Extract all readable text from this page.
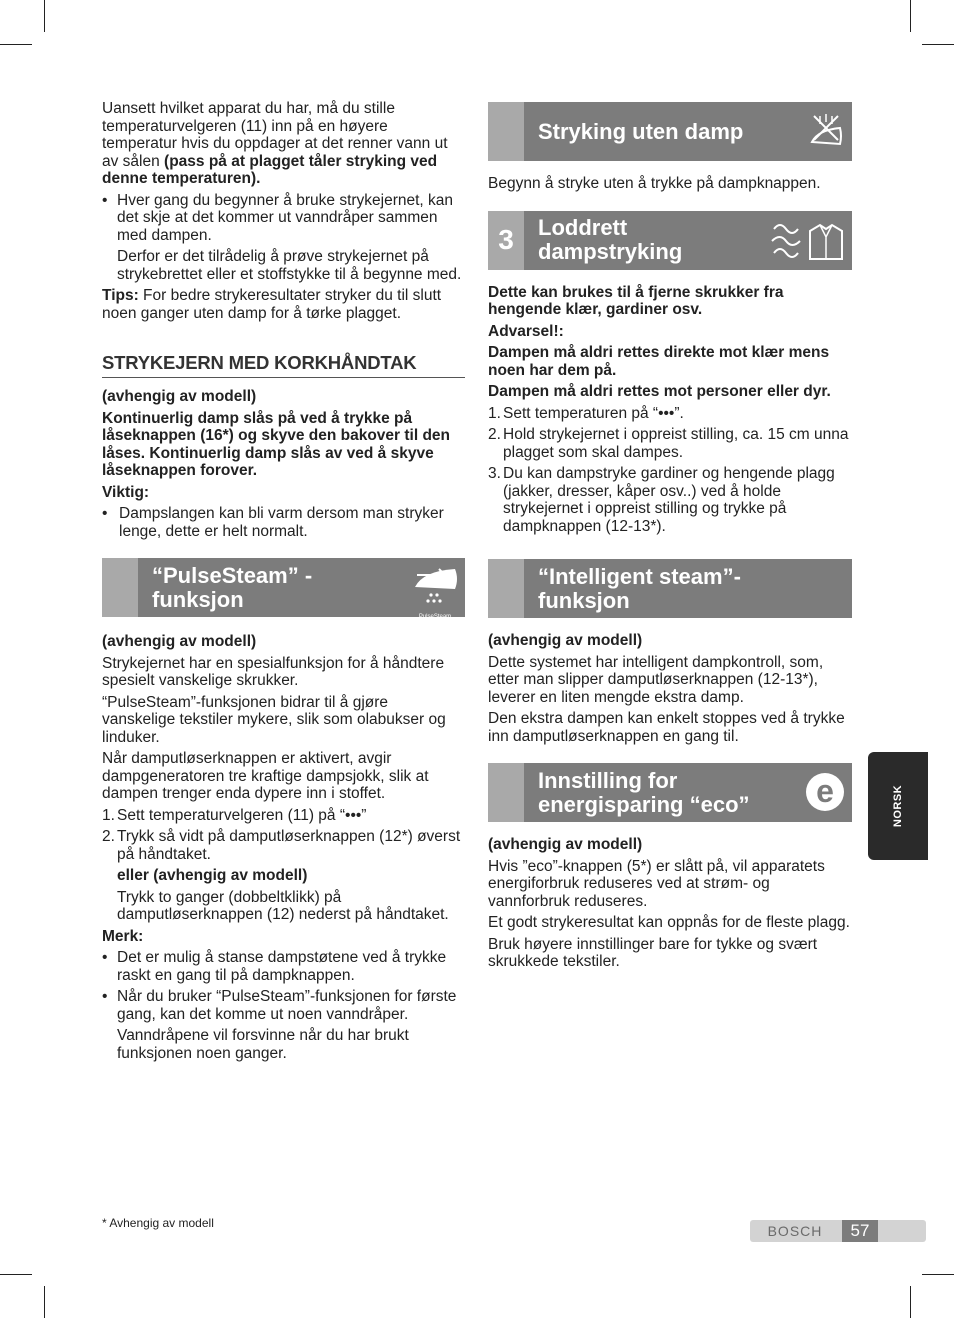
Uansett hvilket apparat du har, må du stille temperaturvelgeren (11) inn på en høyere temperatur hvis du oppdager at det renner vann ut av sålen (pass på at plagget tåler stryking ved denne temperaturen).

• Hver gang du begynner å bruke strykejernet, kan det skje at det kommer ut vanndråper sammen med dampen.

Derfor er det tilrådelig å prøve strykejernet på strykebrettet eller et stoffstykke til å begynne med.

Tips: For bedre strykeresultater stryker du til slutt noen ganger uten damp for å tørke plagget.

STRYKEJERN MED KORKHÅNDTAK

(avhengig av modell)

Kontinuerlig damp slås på ved å trykke på låseknappen (16*) og skyve den bakover til den låses. Kontinuerlig damp slås av ved å skyve låseknappen forover.

Viktig:

• Dampslangen kan bli varm dersom man stryker lenge, dette er helt normalt.

“PulseSteam” -funksjon
PulseSteam

(avhengig av modell)

Strykejernet har en spesialfunksjon for å håndtere spesielt vanskelige skrukker.

“PulseSteam”-funksjonen bidrar til å gjøre vanskelige tekstiler mykere, slik som olabukser og linduker.

Når damputløserknappen er aktivert, avgir dampgeneratoren tre kraftige dampsjokk, slik at dampen trenger enda dypere inn i stoffet.

1. Sett temperaturvelgeren (11) på “•••”

2. Trykk så vidt på damputløserknappen (12*) øverst på håndtaket.

eller (avhengig av modell)

Trykk to ganger (dobbeltklikk) på damputløserknappen (12) nederst på håndtaket.

Merk:

• Det er mulig å stanse dampstøtene ved å trykke raskt en gang til på dampknappen.

• Når du bruker “PulseSteam”-funksjonen for første gang, kan det komme ut noen vanndråper.

Vanndråpene vil forsvinne når du har brukt funksjonen noen ganger.

Stryking uten damp

Begynn å stryke uten å trykke på dampknappen.

3	Loddrett dampstryking

Dette kan brukes til å fjerne skrukker fra hengende klær, gardiner osv.

Advarsel!:

Dampen må aldri rettes direkte mot klær mens noen har dem på.

Dampen må aldri rettes mot personer eller dyr.

1. Sett temperaturen på “•••”.

2. Hold strykejernet i oppreist stilling, ca. 15 cm unna plagget som skal dampes.

3. Du kan dampstryke gardiner og hengende plagg (jakker, dresser, kåper osv..) ved å holde strykejernet i oppreist stilling og trykke på dampknappen (12-13*).

“Intelligent steam”- funksjon

(avhengig av modell)

Dette systemet har intelligent dampkontroll, som, etter man slipper damputløserknappen (12-13*), leverer en liten mengde ekstra damp.

Den ekstra dampen kan enkelt stoppes ved å trykke inn damputløserknappen en gang til.

Innstilling for energisparing “eco”	e

(avhengig av modell)

Hvis ”eco”-knappen (5*) er slått på, vil apparatets energiforbruk reduseres ved at strøm- og vannforbruk reduseres.

Et godt strykeresultat kan oppnås for de fleste plagg.

Bruk høyere innstillinger bare for tykke og svært skrukkede tekstiler.

NORSK
* Avhengig av modell	BOSCH	57
